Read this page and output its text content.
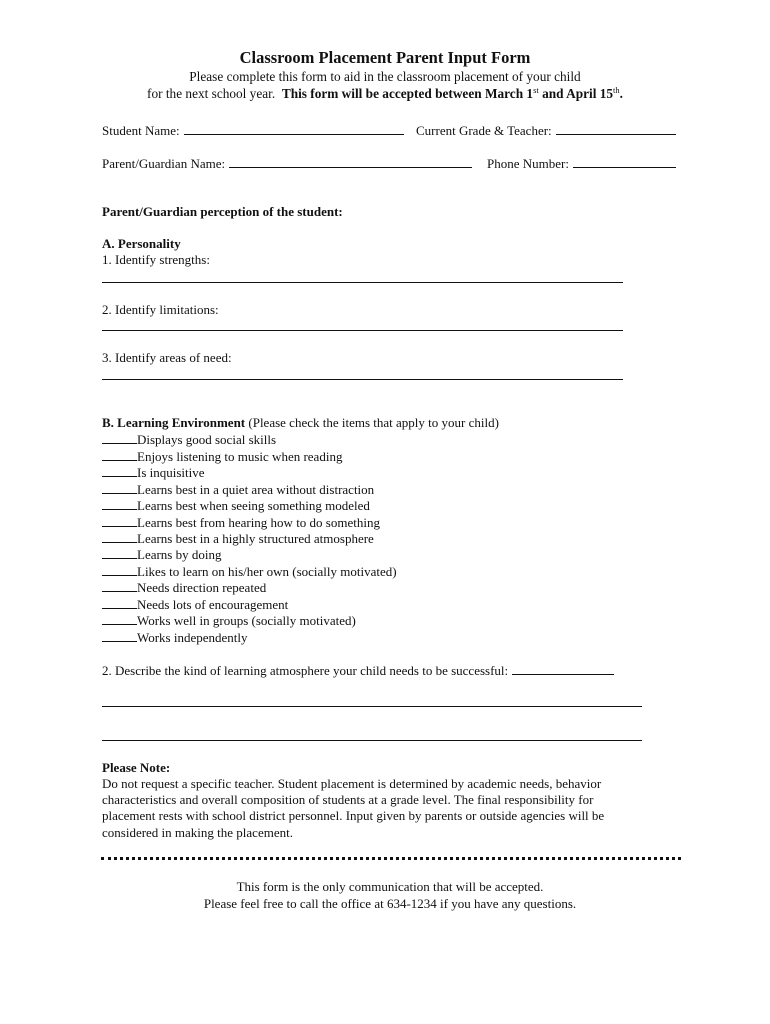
Classroom Placement Parent Input Form
Please complete this form to aid in the classroom placement of your child
for the next school year. This form will be accepted between March 1st and April 15th.
Student Name:	Current Grade & Teacher:
Parent/Guardian Name:	Phone Number:
Parent/Guardian perception of the student:
A. Personality
1. Identify strengths:
2. Identify limitations:
3. Identify areas of need:
B. Learning Environment (Please check the items that apply to your child)
Displays good social skills
Enjoys listening to music when reading
Is inquisitive
Learns best in a quiet area without distraction
Learns best when seeing something modeled
Learns best from hearing how to do something
Learns best in a highly structured atmosphere
Learns by doing
Likes to learn on his/her own (socially motivated)
Needs direction repeated
Needs lots of encouragement
Works well in groups (socially motivated)
Works independently
2. Describe the kind of learning atmosphere your child needs to be successful:
Please Note:
Do not request a specific teacher. Student placement is determined by academic needs, behavior
characteristics and overall composition of students at a grade level. The final responsibility for
placement rests with school district personnel. Input given by parents or outside agencies will be
considered in making the placement.
This form is the only communication that will be accepted.
Please feel free to call the office at 634-1234 if you have any questions.
